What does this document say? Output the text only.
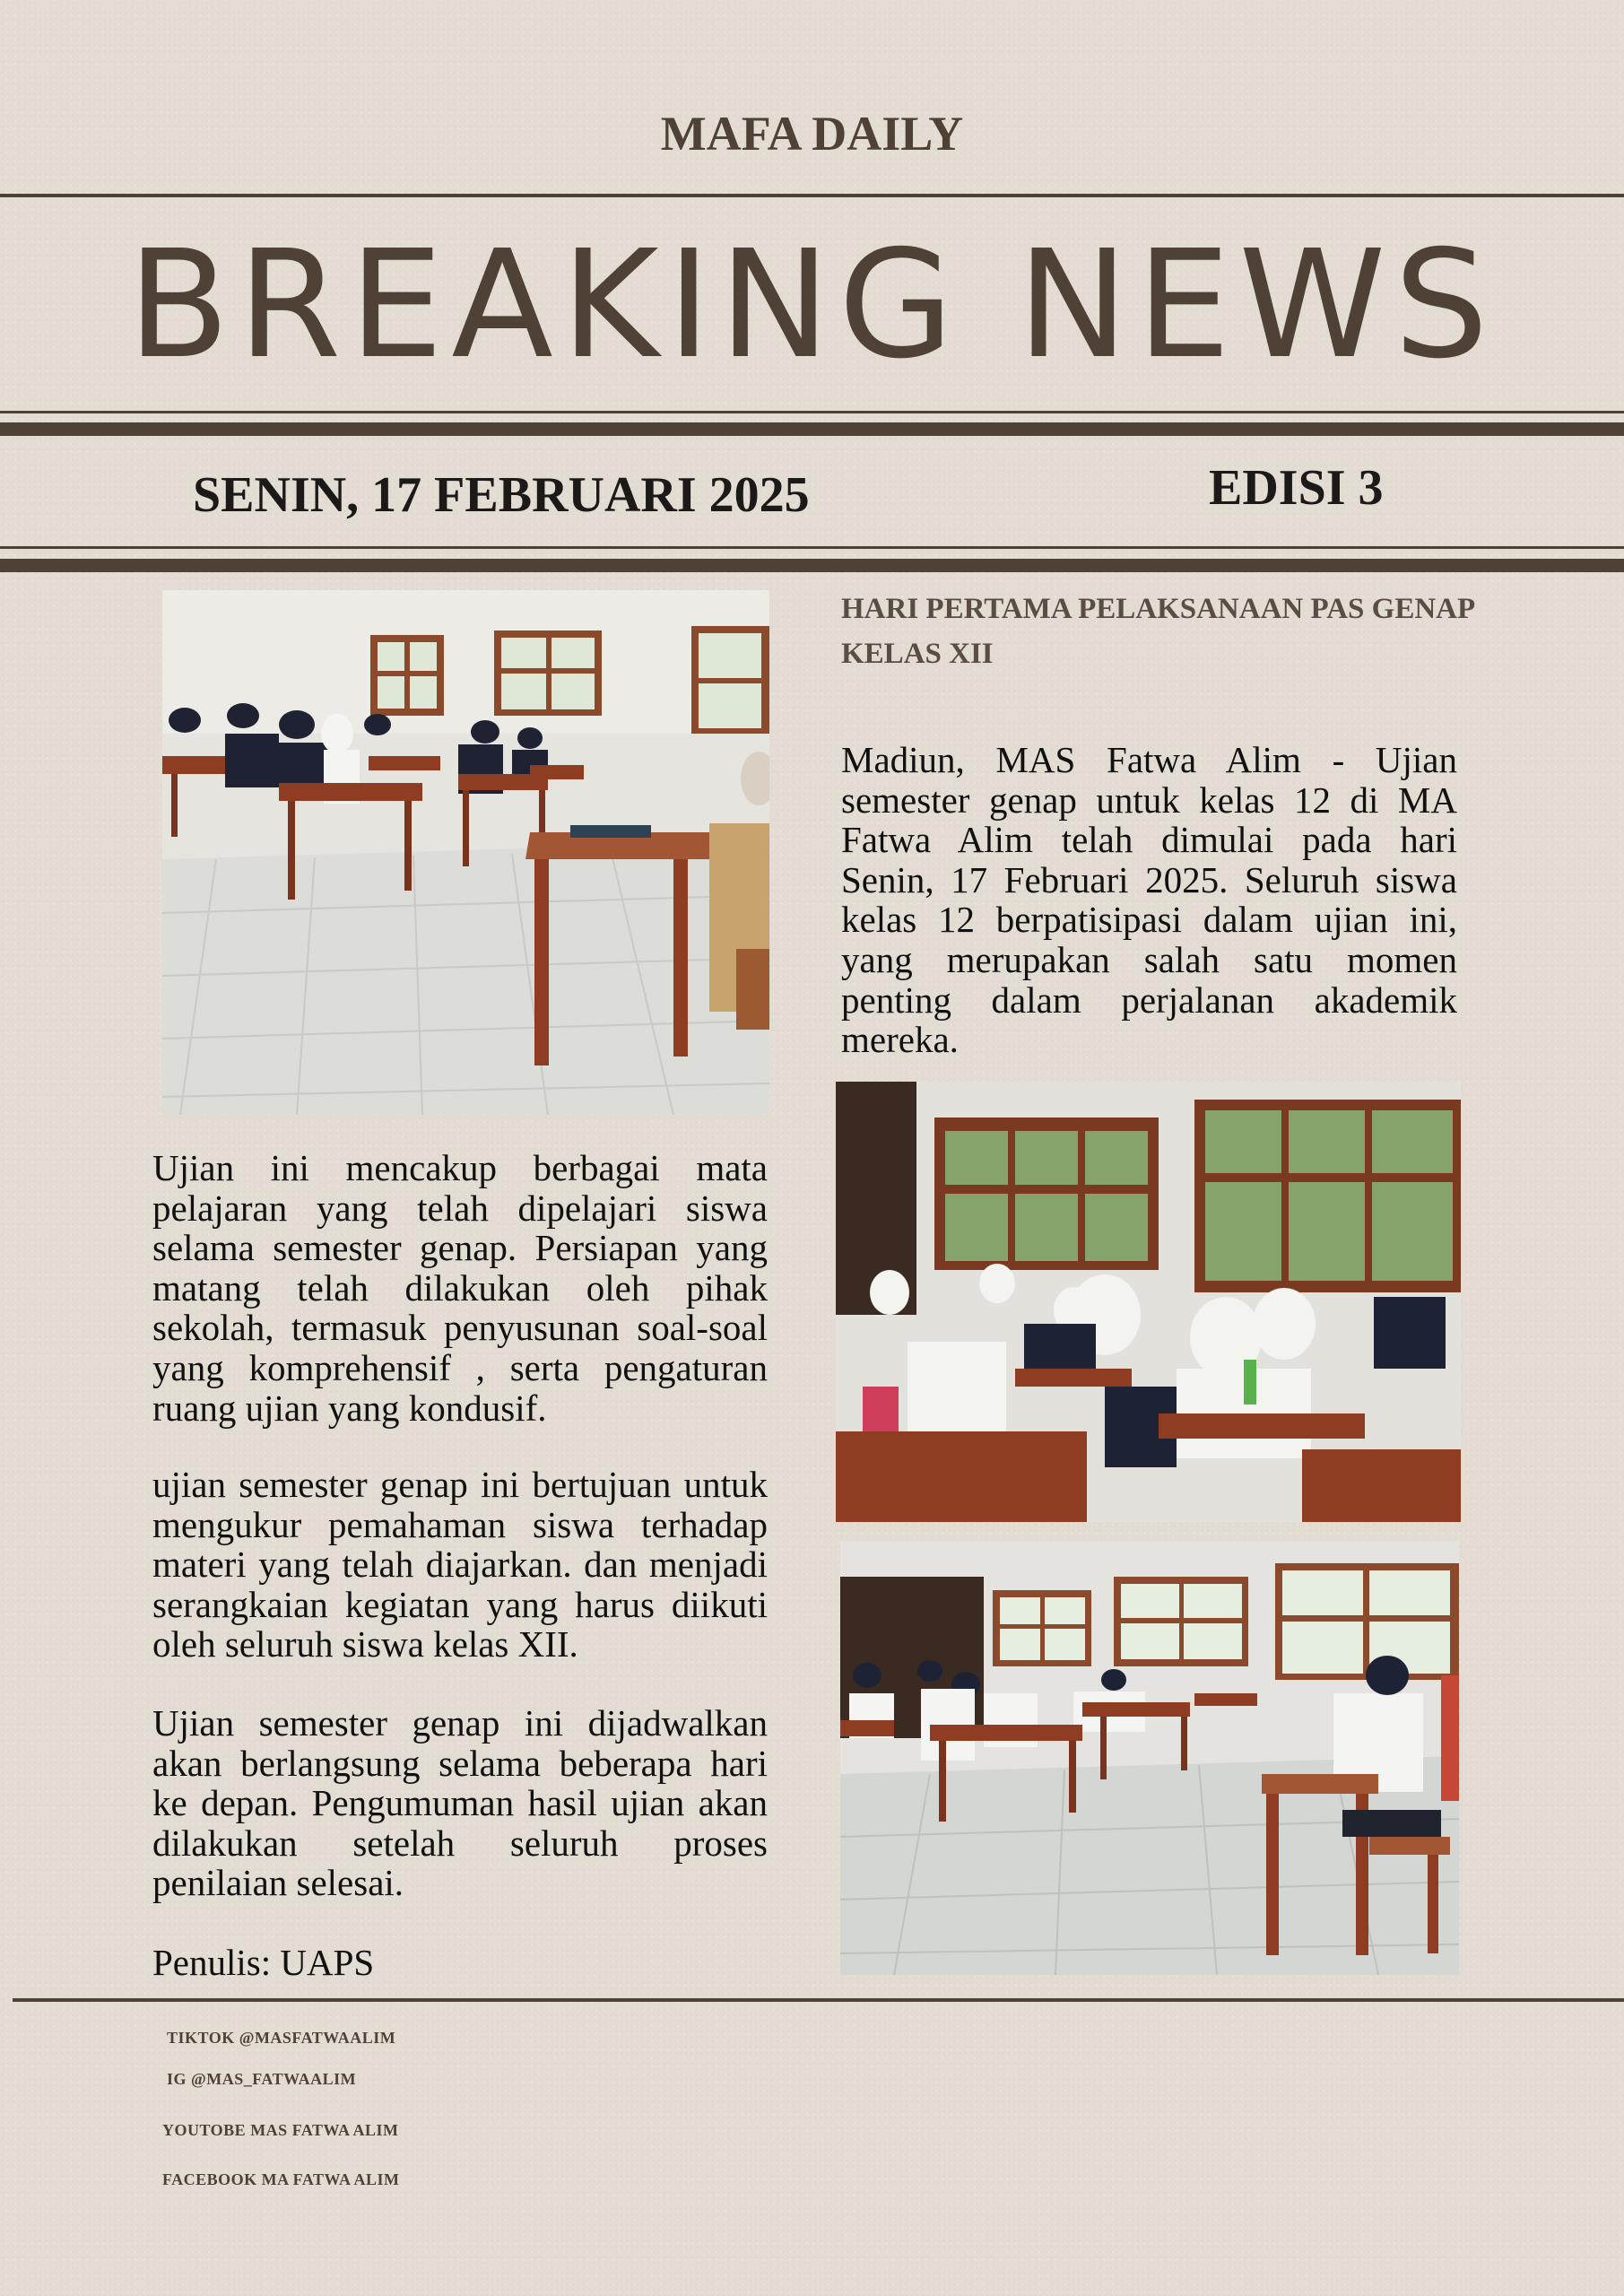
MAFA DAILY
BREAKING NEWS
SENIN, 17 FEBRUARI 2025	EDISI 3
HARI PERTAMA PELAKSANAAN PAS GENAP KELAS XII
Madiun, MAS Fatwa Alim - Ujian semester genap untuk kelas 12 di MA Fatwa Alim telah dimulai pada hari Senin, 17 Februari 2025. Seluruh siswa kelas 12 berpatisipasi dalam ujian ini, yang merupakan salah satu momen penting dalam perjalanan akademik mereka.
Ujian ini mencakup berbagai mata pelajaran yang telah dipelajari siswa selama semester genap. Persiapan yang matang telah dilakukan oleh pihak sekolah, termasuk penyusunan soal-soal yang komprehensif , serta pengaturan ruang ujian yang kondusif.
ujian semester genap ini bertujuan untuk mengukur pemahaman siswa terhadap materi yang telah diajarkan. dan menjadi serangkaian kegiatan yang harus diikuti oleh seluruh siswa kelas XII.
Ujian semester genap ini dijadwalkan akan berlangsung selama beberapa hari ke depan. Pengumuman hasil ujian akan dilakukan setelah seluruh proses penilaian selesai.
Penulis: UAPS
TIKTOK @MASFATWAALIM
IG @MAS_FATWAALIM
YOUTOBE MAS FATWA ALIM
FACEBOOK MA FATWA ALIM
